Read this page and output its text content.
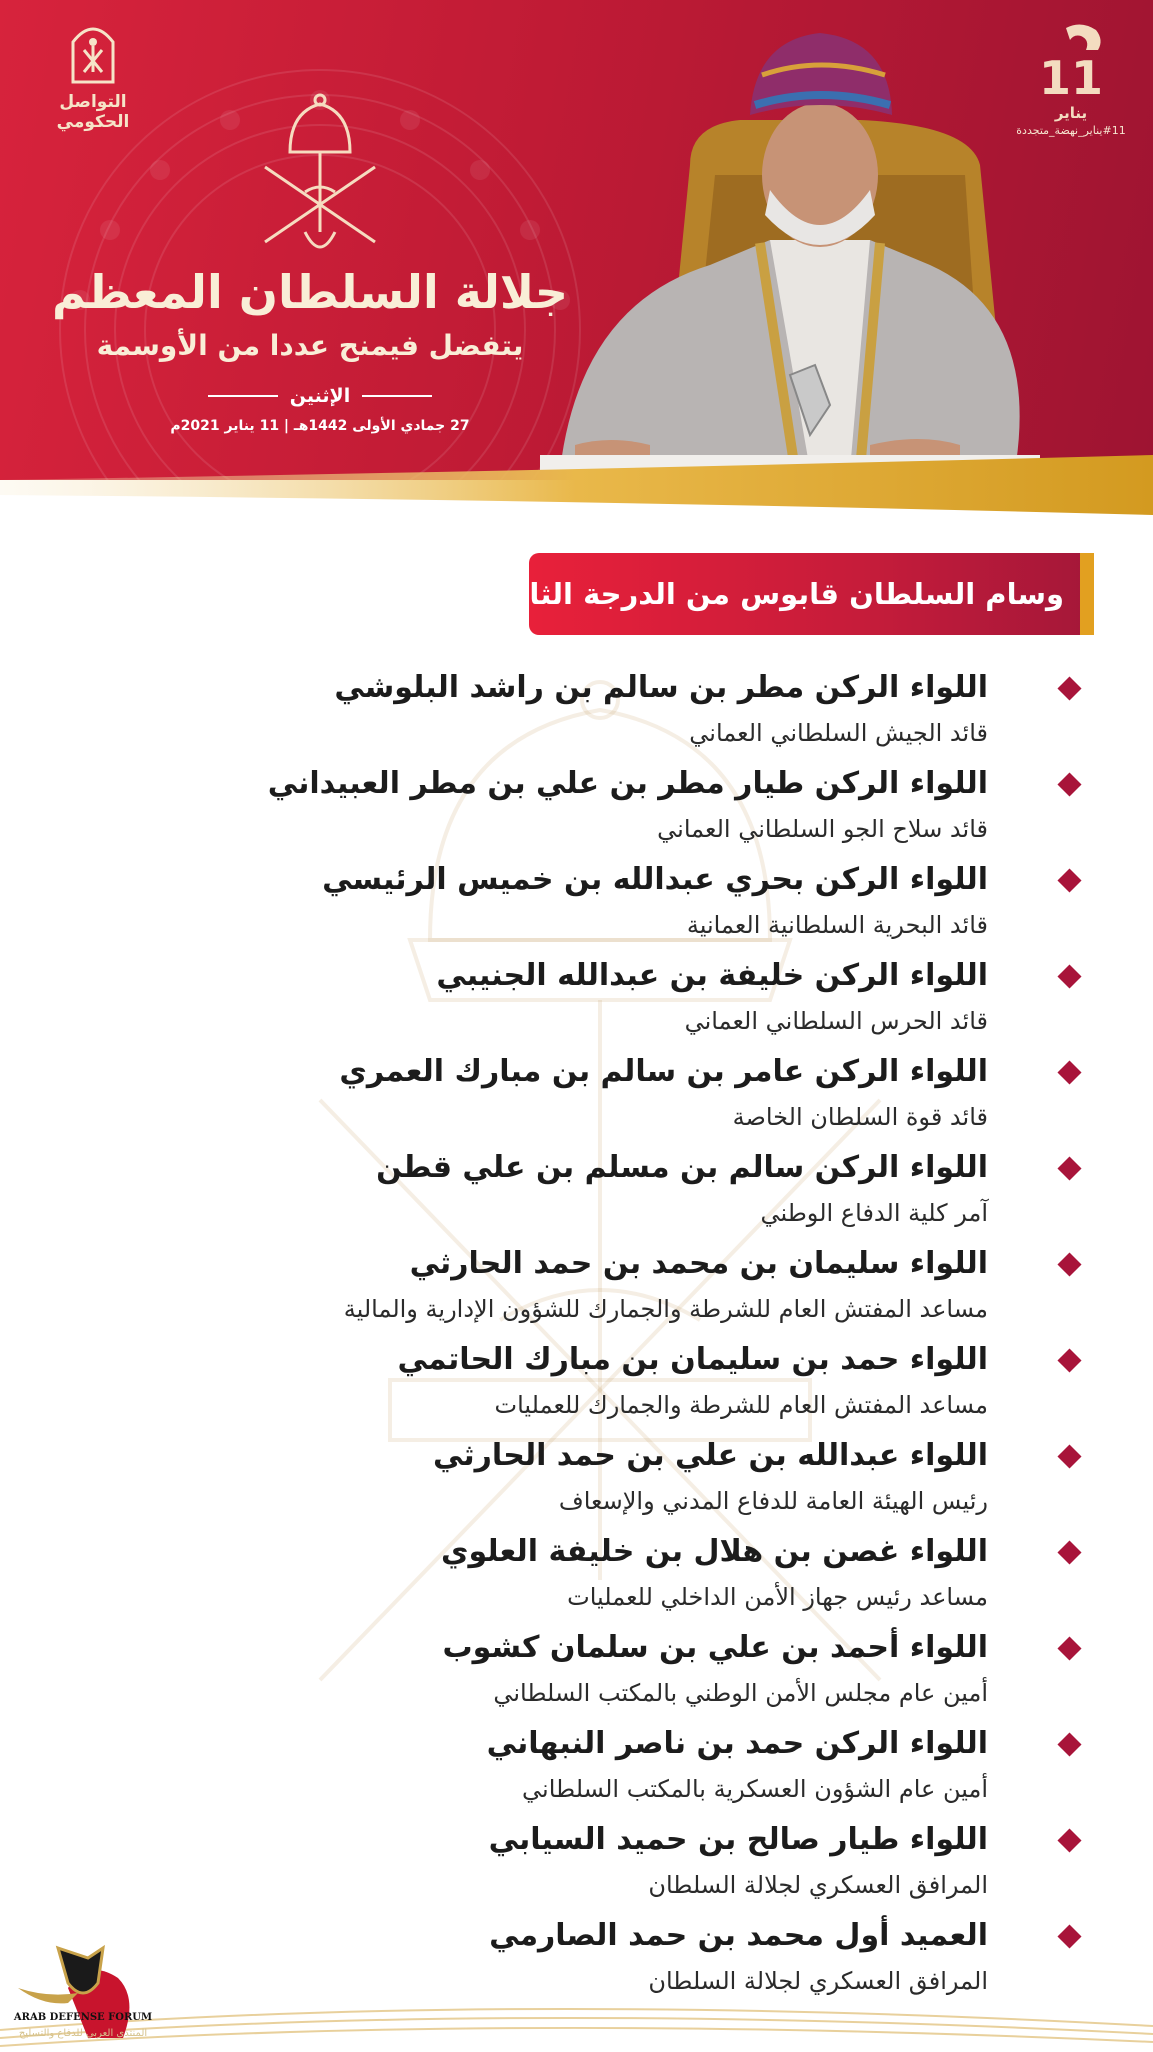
التواصل الحكومي
11
يناير
#11يناير_نهضة_متجددة
جلالة السلطان المعظم
يتفضل فيمنح عددا من الأوسمة
الإثنين
27 جمادي الأولى 1442هـ | 11 يناير 2021م
وسام السلطان قابوس من الدرجة الثانية
اللواء الركن مطر بن سالم بن راشد البلوشي
قائد الجيش السلطاني العماني
اللواء الركن طيار مطر بن علي بن مطر العبيداني
قائد سلاح الجو السلطاني العماني
اللواء الركن بحري عبدالله بن خميس الرئيسي
قائد البحرية السلطانية العمانية
اللواء الركن خليفة بن عبدالله الجنيبي
قائد الحرس السلطاني العماني
اللواء الركن عامر بن سالم بن مبارك العمري
قائد قوة السلطان الخاصة
اللواء الركن سالم بن مسلم بن علي قطن
آمر كلية الدفاع الوطني
اللواء سليمان بن محمد بن حمد الحارثي
مساعد المفتش العام للشرطة والجمارك للشؤون الإدارية والمالية
اللواء حمد بن سليمان بن مبارك الحاتمي
مساعد المفتش العام للشرطة والجمارك للعمليات
اللواء عبدالله بن علي بن حمد الحارثي
رئيس الهيئة العامة للدفاع المدني والإسعاف
اللواء غصن بن هلال بن خليفة العلوي
مساعد رئيس جهاز الأمن الداخلي للعمليات
اللواء أحمد بن علي بن سلمان كشوب
أمين عام مجلس الأمن الوطني بالمكتب السلطاني
اللواء الركن حمد بن ناصر النبهاني
أمين عام الشؤون العسكرية بالمكتب السلطاني
اللواء طيار صالح بن حميد السيابي
المرافق العسكري لجلالة السلطان
العميد أول محمد بن حمد الصارمي
المرافق العسكري لجلالة السلطان
ARAB DEFENSE FORUM
المنتدى العربي للدفاع والتسليح
